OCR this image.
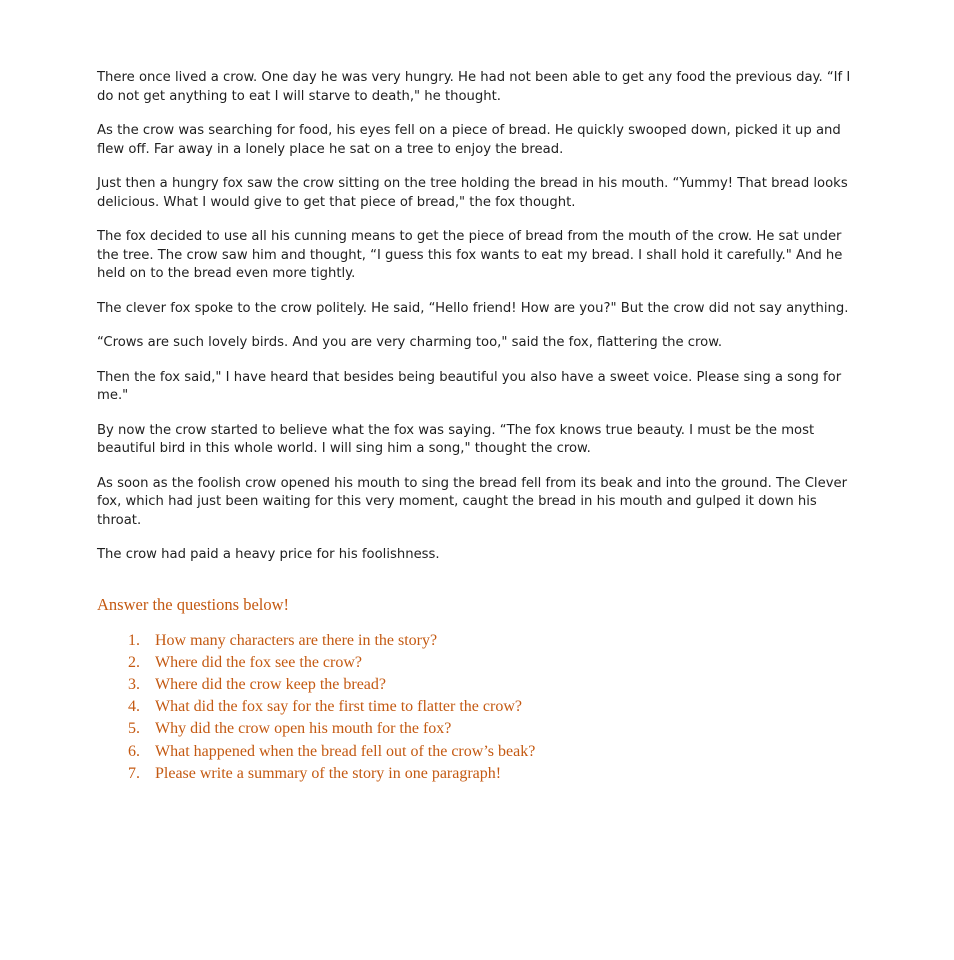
There once lived a crow. One day he was very hungry. He had not been able to get any food the previous day. “If I do not get anything to eat I will starve to death," he thought.

As the crow was searching for food, his eyes fell on a piece of bread. He quickly swooped down, picked it up and flew off. Far away in a lonely place he sat on a tree to enjoy the bread.

Just then a hungry fox saw the crow sitting on the tree holding the bread in his mouth. “Yummy! That bread looks delicious. What I would give to get that piece of bread," the fox thought.

The fox decided to use all his cunning means to get the piece of bread from the mouth of the crow. He sat under the tree. The crow saw him and thought, “I guess this fox wants to eat my bread. I shall hold it carefully." And he held on to the bread even more tightly.

The clever fox spoke to the crow politely. He said, “Hello friend! How are you?" But the crow did not say anything.

“Crows are such lovely birds. And you are very charming too," said the fox, flattering the crow.

Then the fox said," I have heard that besides being beautiful you also have a sweet voice. Please sing a song for me."

By now the crow started to believe what the fox was saying. “The fox knows true beauty. I must be the most beautiful bird in this whole world. I will sing him a song," thought the crow.

As soon as the foolish crow opened his mouth to sing the bread fell from its beak and into the ground. The Clever fox, which had just been waiting for this very moment, caught the bread in his mouth and gulped it down his throat.

The crow had paid a heavy price for his foolishness.

Answer the questions below!
1. How many characters are there in the story?
2. Where did the fox see the crow?
3. Where did the crow keep the bread?
4. What did the fox say for the first time to flatter the crow?
5. Why did the crow open his mouth for the fox?
6. What happened when the bread fell out of the crow’s beak?
7. Please write a summary of the story in one paragraph!
